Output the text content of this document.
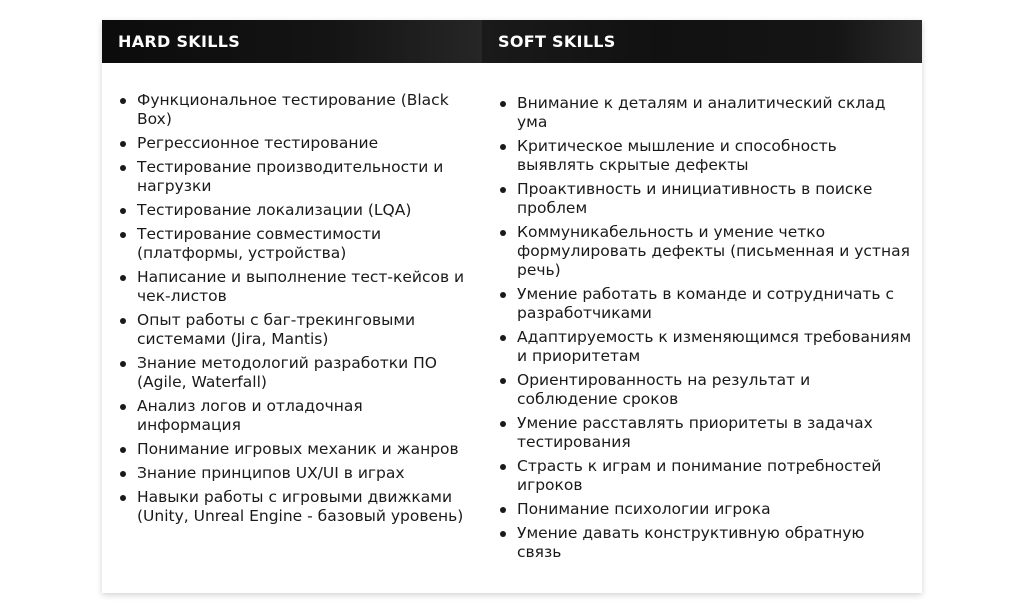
HARD SKILLS
Функциональное тестирование (Black Box)
Регрессионное тестирование
Тестирование производительности и нагрузки
Тестирование локализации (LQA)
Тестирование совместимости (платформы, устройства)
Написание и выполнение тест-кейсов и чек-листов
Опыт работы с баг-трекинговыми системами (Jira, Mantis)
Знание методологий разработки ПО (Agile, Waterfall)
Анализ логов и отладочная информация
Понимание игровых механик и жанров
Знание принципов UX/UI в играх
Навыки работы с игровыми движками (Unity, Unreal Engine - базовый уровень)
SOFT SKILLS
Внимание к деталям и аналитический склад ума
Критическое мышление и способность выявлять скрытые дефекты
Проактивность и инициативность в поиске проблем
Коммуникабельность и умение четко формулировать дефекты (письменная и устная речь)
Умение работать в команде и сотрудничать с разработчиками
Адаптируемость к изменяющимся требованиям и приоритетам
Ориентированность на результат и соблюдение сроков
Умение расставлять приоритеты в задачах тестирования
Страсть к играм и понимание потребностей игроков
Понимание психологии игрока
Умение давать конструктивную обратную связь
